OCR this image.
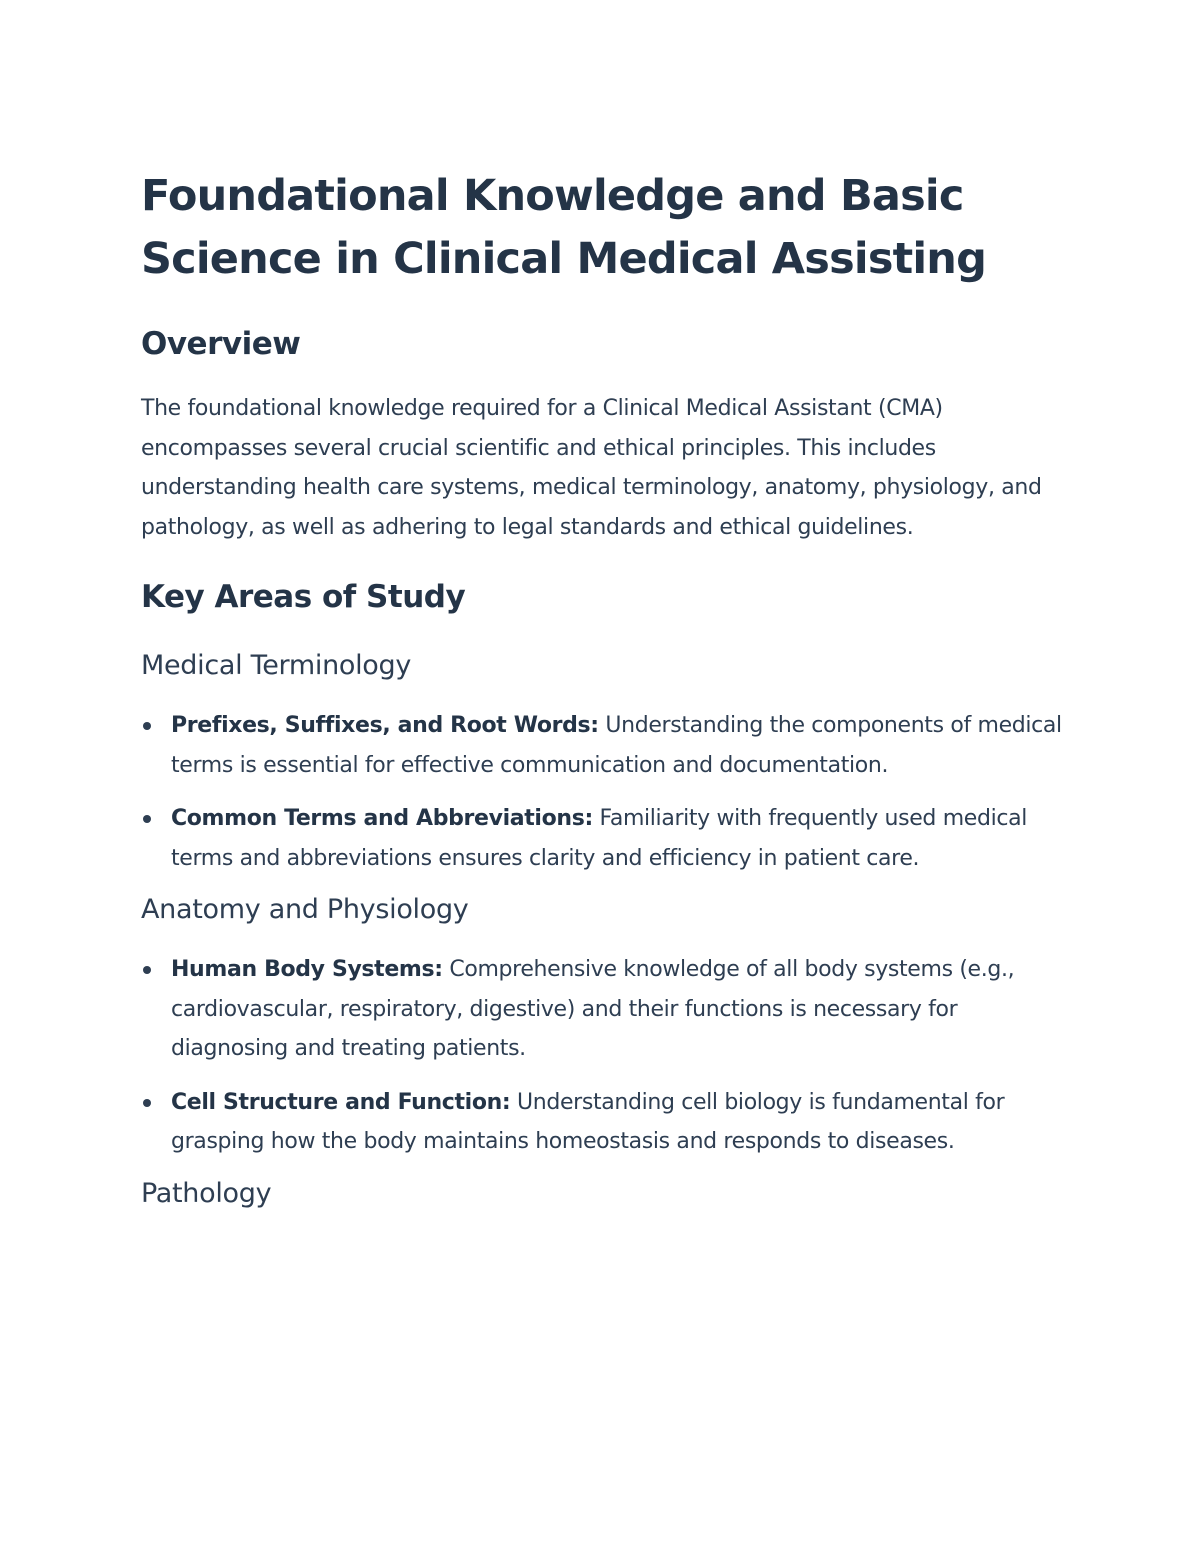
Foundational Knowledge and Basic Science in Clinical Medical Assisting
Overview

The foundational knowledge required for a Clinical Medical Assistant (CMA) encompasses several crucial scientific and ethical principles. This includes understanding health care systems, medical terminology, anatomy, physiology, and pathology, as well as adhering to legal standards and ethical guidelines.

Key Areas of Study
Medical Terminology
Prefixes, Suffixes, and Root Words: Understanding the components of medical terms is essential for effective communication and documentation.
Common Terms and Abbreviations: Familiarity with frequently used medical terms and abbreviations ensures clarity and efficiency in patient care.
Anatomy and Physiology
Human Body Systems: Comprehensive knowledge of all body systems (e.g., cardiovascular, respiratory, digestive) and their functions is necessary for diagnosing and treating patients.
Cell Structure and Function: Understanding cell biology is fundamental for grasping how the body maintains homeostasis and responds to diseases.
Pathology
